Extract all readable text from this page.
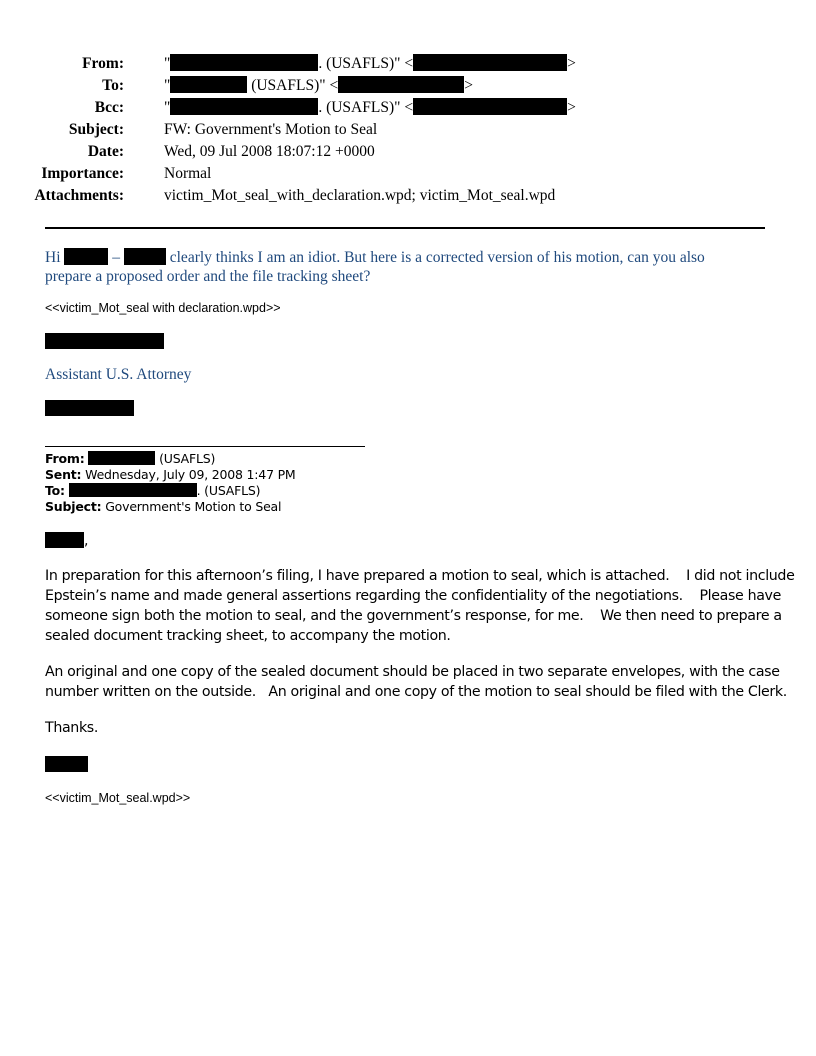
From:	"	. (USAFLS)" <	>
To:	"	(USAFLS)" <	>
Bcc:	"	. (USAFLS)" <	>
Subject:	FW: Government's Motion to Seal
Date:	Wed, 09 Jul 2008 18:07:12 +0000
Importance:	Normal
Attachments:	victim_Mot_seal_with_declaration.wpd; victim_Mot_seal.wpd
Hi	–	clearly thinks I am an idiot. But here is a corrected version of his motion, can you also
prepare a proposed order and the file tracking sheet?
<<victim_Mot_seal with declaration.wpd>>
Assistant U.S. Attorney
From:	(USAFLS)
Sent: Wednesday, July 09, 2008 1:47 PM
To:	. (USAFLS)
Subject: Government's Motion to Seal
,
In preparation for this afternoon’s filing, I have prepared a motion to seal, which is attached.    I did not include
Epstein’s name and made general assertions regarding the confidentiality of the negotiations.    Please have
someone sign both the motion to seal, and the government’s response, for me.    We then need to prepare a
sealed document tracking sheet, to accompany the motion.
An original and one copy of the sealed document should be placed in two separate envelopes, with the case
number written on the outside.   An original and one copy of the motion to seal should be filed with the Clerk.
Thanks.
<<victim_Mot_seal.wpd>>
